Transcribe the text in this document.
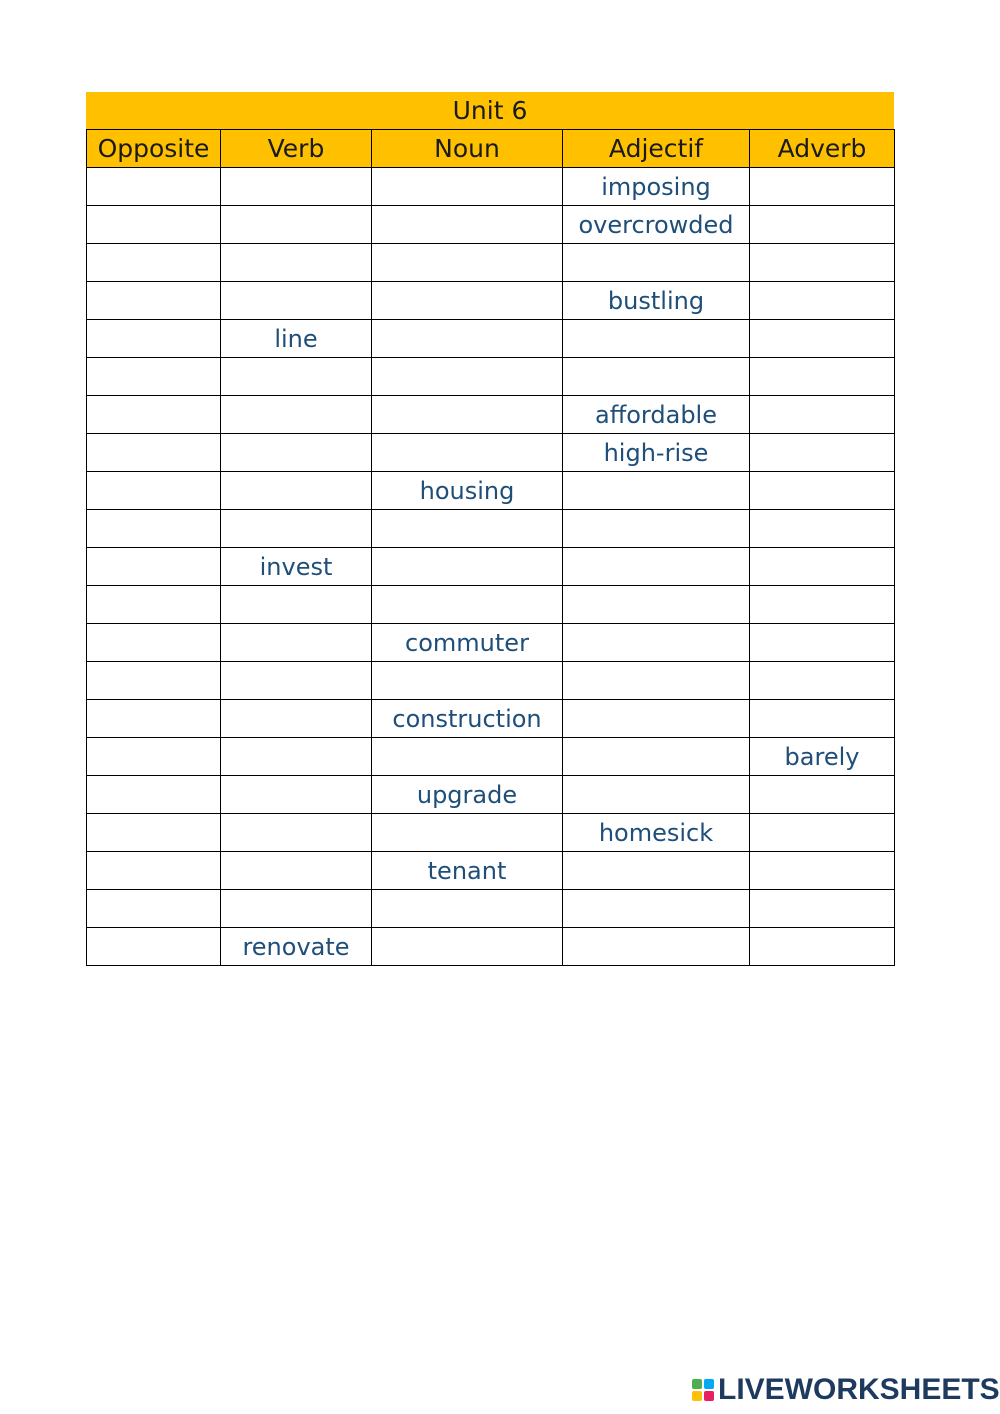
Unit 6
Opposite	Verb	Noun	Adjectif	Adverb
			imposing	
			overcrowded	

			bustling	
	line			

			affordable	
			high-rise	
		housing		

	invest			

		commuter		

		construction		
				barely
		upgrade		
			homesick	
		tenant		

	renovate			
LIVEWORKSHEETS
